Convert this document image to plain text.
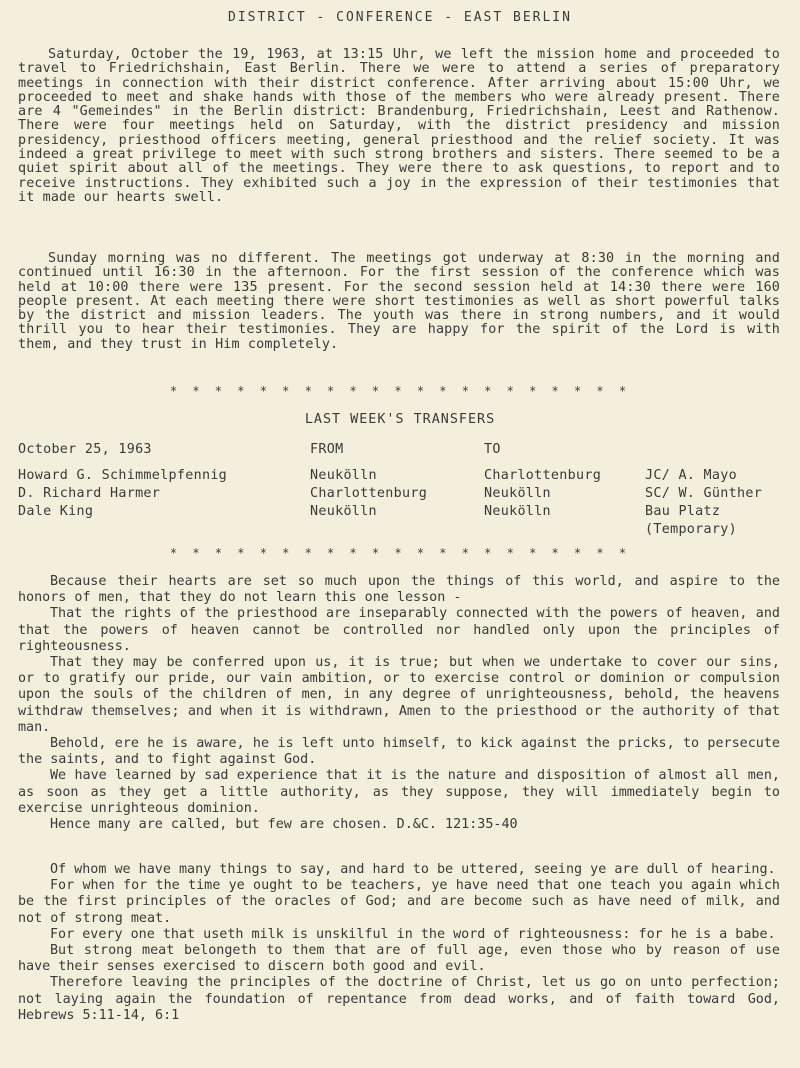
DISTRICT - CONFERENCE - EAST BERLIN

Saturday, October the 19, 1963, at 13:15 Uhr, we left the mission home and proceeded to travel to Friedrichshain, East Berlin. There we were to attend a series of preparatory meetings in connection with their district conference. After arriving about 15:00 Uhr, we proceeded to meet and shake hands with those of the members who were already present. There are 4 "Gemeindes" in the Berlin district: Brandenburg, Friedrichshain, Leest and Rathenow. There were four meetings held on Saturday, with the district presidency and mission presidency, priesthood officers meeting, general priesthood and the relief society. It was indeed a great privilege to meet with such strong brothers and sisters. There seemed to be a quiet spirit about all of the meetings. They were there to ask questions, to report and to receive instructions. They exhibited such a joy in the expression of their testimonies that it made our hearts swell.

Sunday morning was no different. The meetings got underway at 8:30 in the morning and continued until 16:30 in the afternoon. For the first session of the conference which was held at 10:00 there were 135 present. For the second session held at 14:30 there were 160 people present. At each meeting there were short testimonies as well as short powerful talks by the district and mission leaders. The youth was there in strong numbers, and it would thrill you to hear their testimonies. They are happy for the spirit of the Lord is with them, and they trust in Him completely.

* * * * * * * * * * * * * * * * * * * * *
LAST WEEK'S TRANSFERS
October 25, 1963	FROM	TO
Howard G. Schimmelpfennig	Neukölln	Charlottenburg	JC/ A. Mayo
D. Richard Harmer	Charlottenburg	Neukölln	SC/ W. Günther
Dale King	Neukölln	Neukölln	Bau Platz
(Temporary)
* * * * * * * * * * * * * * * * * * * * *

Because their hearts are set so much upon the things of this world, and aspire to the honors of men, that they do not learn this one lesson -

That the rights of the priesthood are inseparably connected with the powers of heaven, and that the powers of heaven cannot be controlled nor handled only upon the principles of righteousness.

That they may be conferred upon us, it is true; but when we undertake to cover our sins, or to gratify our pride, our vain ambition, or to exercise control or dominion or compulsion upon the souls of the children of men, in any degree of unrighteousness, behold, the heavens withdraw themselves; and when it is withdrawn, Amen to the priesthood or the authority of that man.

Behold, ere he is aware, he is left unto himself, to kick against the pricks, to persecute the saints, and to fight against God.

We have learned by sad experience that it is the nature and disposition of almost all men, as soon as they get a little authority, as they suppose, they will immediately begin to exercise unrighteous dominion.

Hence many are called, but few are chosen. D.&C. 121:35-40

Of whom we have many things to say, and hard to be uttered, seeing ye are dull of hearing.

For when for the time ye ought to be teachers, ye have need that one teach you again which be the first principles of the oracles of God; and are become such as have need of milk, and not of strong meat.

For every one that useth milk is unskilful in the word of righteousness: for he is a babe.

But strong meat belongeth to them that are of full age, even those who by reason of use have their senses exercised to discern both good and evil.

Therefore leaving the principles of the doctrine of Christ, let us go on unto perfection; not laying again the foundation of repentance from dead works, and of faith toward God, Hebrews 5:11-14, 6:1
